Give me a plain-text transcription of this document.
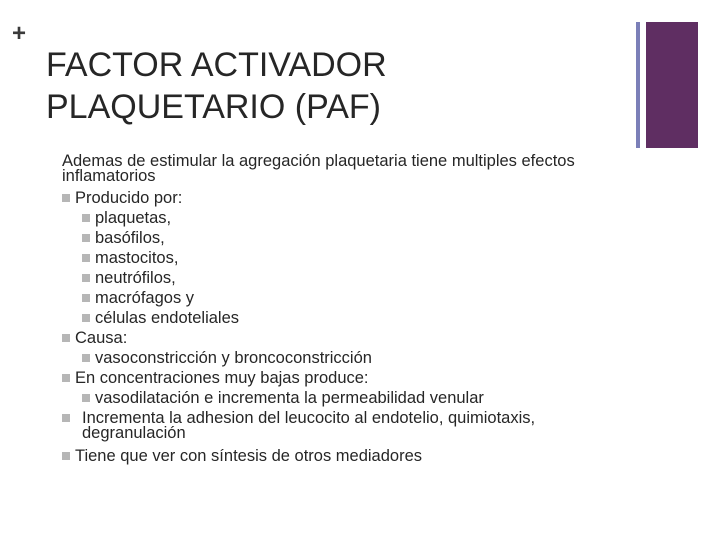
+
FACTOR ACTIVADOR
PLAQUETARIO (PAF)
Ademas de estimular la agregación plaquetaria tiene multiples efectos inflamatorios
Producido por:
plaquetas,
basófilos,
mastocitos,
neutrófilos,
macrófagos y
células endoteliales
Causa:
vasoconstricción y broncoconstricción
En concentraciones muy bajas produce:
vasodilatación e incrementa la permeabilidad venular
Incrementa la adhesion del leucocito al endotelio, quimiotaxis, degranulación
Tiene que ver con síntesis de otros mediadores
